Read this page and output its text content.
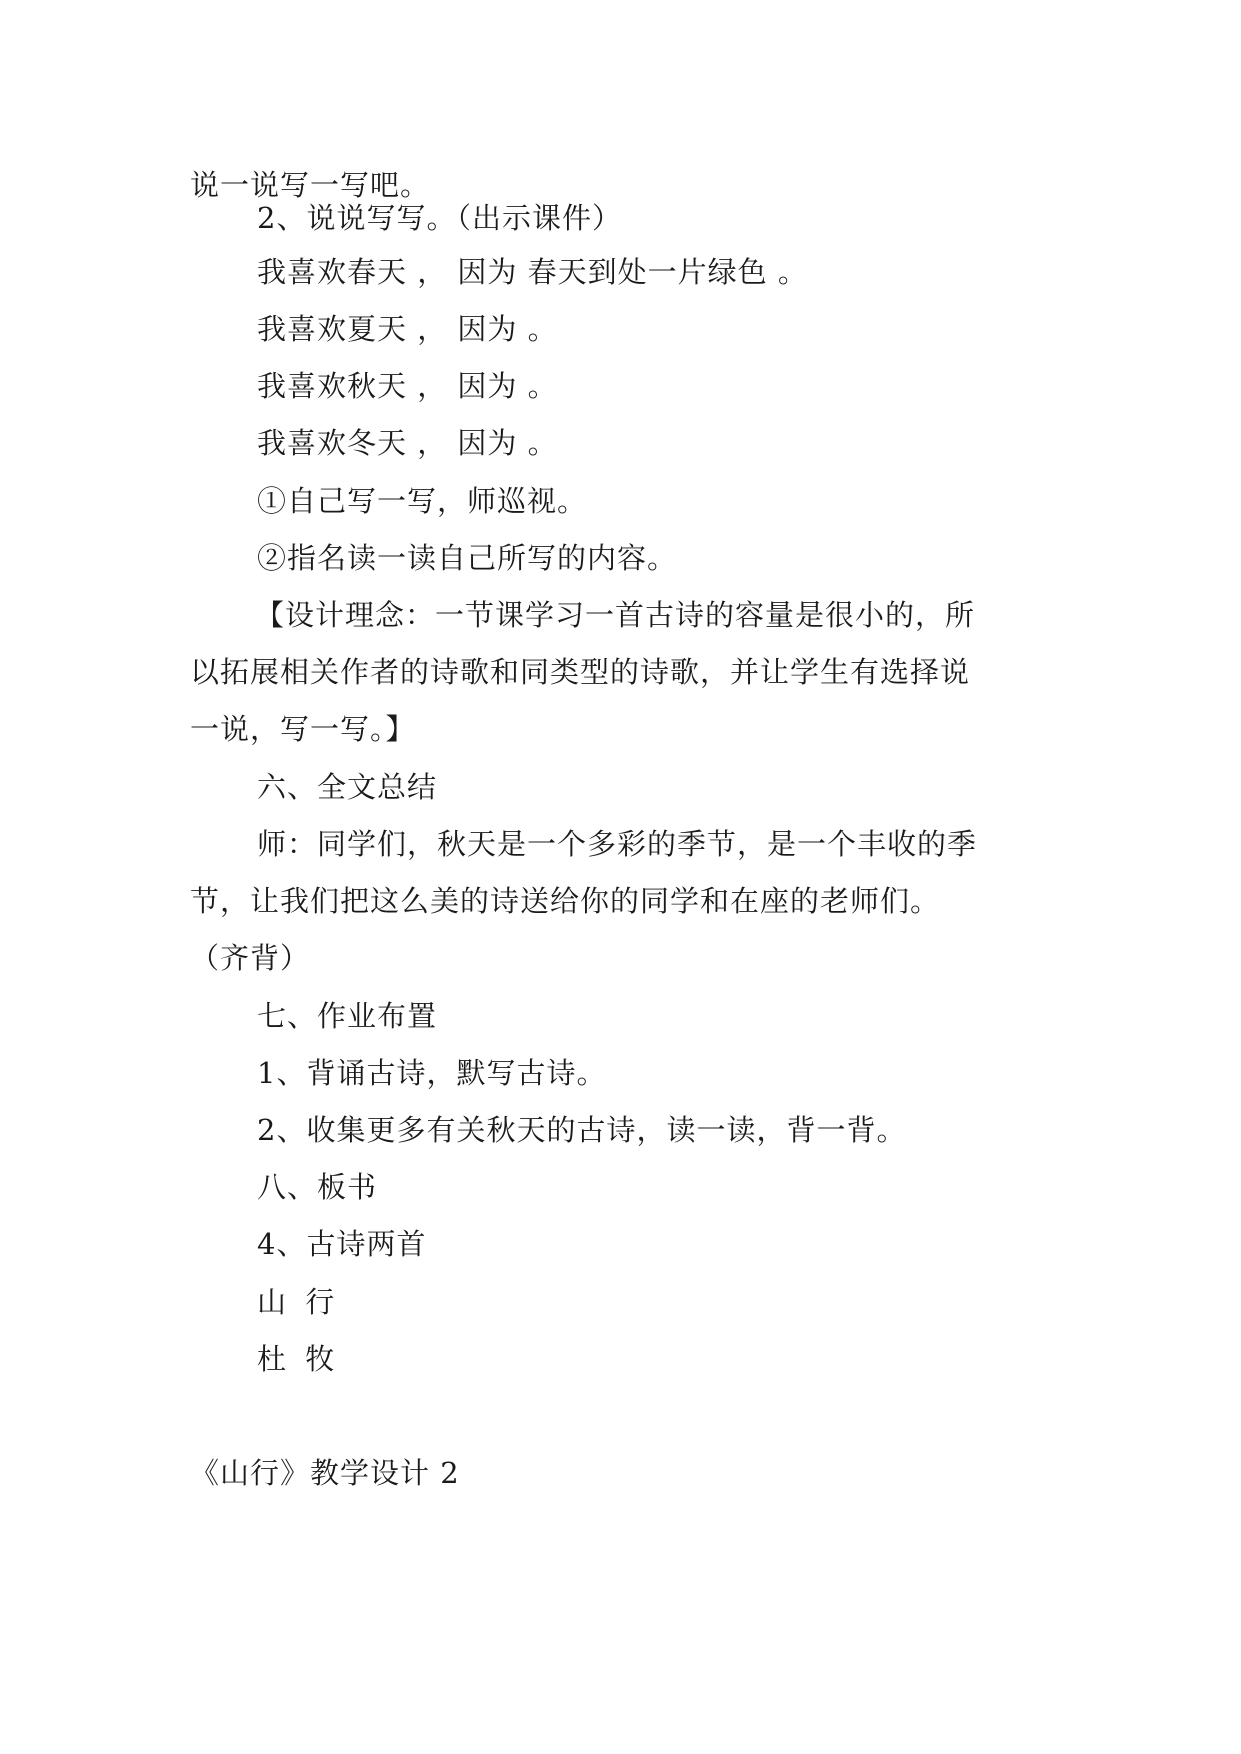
说一说写一写吧。

2、说说写写。（出示课件）

我喜欢春天 ， 因为 春天到处一片绿色 。

我喜欢夏天 ， 因为 。

我喜欢秋天 ， 因为 。

我喜欢冬天 ， 因为 。

①自己写一写，师巡视。

②指名读一读自己所写的内容。

【设计理念：一节课学习一首古诗的容量是很小的，所

以拓展相关作者的诗歌和同类型的诗歌，并让学生有选择说

一说，写一写。】

六、全文总结

师：同学们，秋天是一个多彩的季节，是一个丰收的季

节，让我们把这么美的诗送给你的同学和在座的老师们。

（齐背）

七、作业布置

1、背诵古诗，默写古诗。

2、收集更多有关秋天的古诗，读一读，背一背。

八、板书

4、古诗两首

山 行

杜 牧

《山行》教学设计 2
